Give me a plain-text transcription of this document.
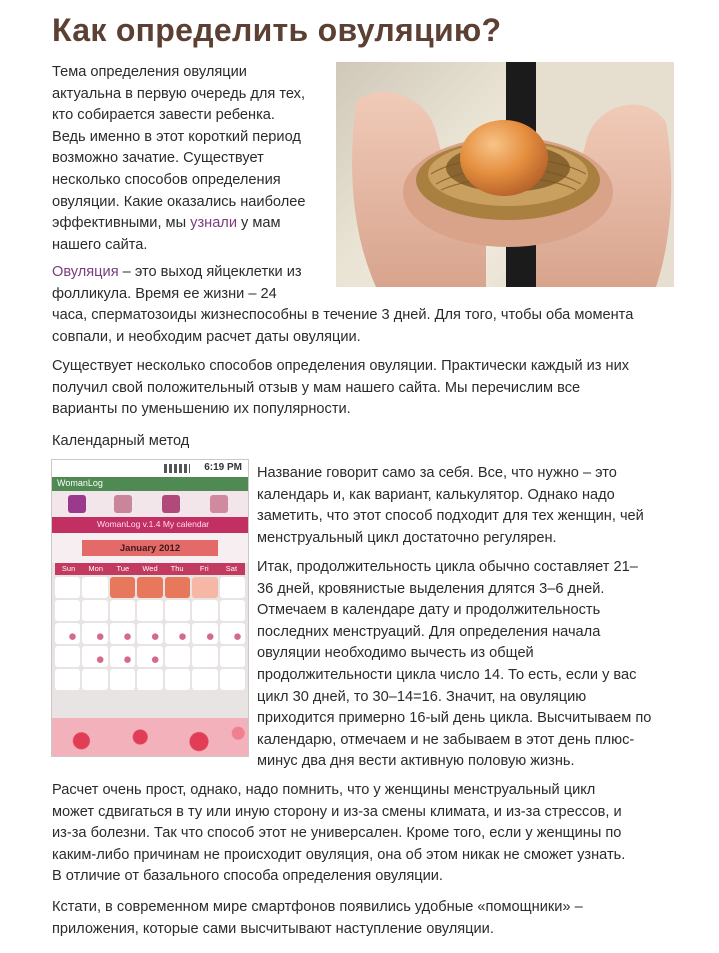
Как определить овуляцию?
Тема определения овуляции
актуальна в первую очередь для тех,
кто собирается завести ребенка.
Ведь именно в этот короткий период
возможно зачатие. Существует
несколько способов определения
овуляции. Какие оказались наиболее
эффективными, мы узнали у мам
нашего сайта.
Овуляция – это выход яйцеклетки из
фолликула. Время ее жизни – 24
часа, сперматозоиды жизнеспособны в течение 3 дней. Для того, чтобы оба момента
совпали, и необходим расчет даты овуляции.
Существует несколько способов определения овуляции. Практически каждый из них
получил свой положительный отзыв у мам нашего сайта. Мы перечислим все
варианты по уменьшению их популярности.
Календарный метод
6:19 PM
WomanLog
WomanLog v.1.4 My calendar
January 2012
Sun	Mon	Tue	Wed	Thu	Fri	Sat
Название говорит само за себя. Все, что нужно – это
календарь и, как вариант, калькулятор. Однако надо
заметить, что этот способ подходит для тех женщин, чей
менструальный цикл достаточно регулярен.
Итак, продолжительность цикла обычно составляет 21–
36 дней, кровянистые выделения длятся 3–6 дней.
Отмечаем в календаре дату и продолжительность
последних менструаций. Для определения начала
овуляции необходимо вычесть из общей
продолжительности цикла число 14. То есть, если у вас
цикл 30 дней, то 30–14=16. Значит, на овуляцию
приходится примерно 16-ый день цикла. Высчитываем по
календарю, отмечаем и не забываем в этот день плюс-
минус два дня вести активную половую жизнь.
Расчет очень прост, однако, надо помнить, что у женщины менструальный цикл
может сдвигаться в ту или иную сторону и из-за смены климата, и из-за стрессов, и
из-за болезни. Так что способ этот не универсален. Кроме того, если у женщины по
каким-либо причинам не происходит овуляция, она об этом никак не сможет узнать.
В отличие от базального способа определения овуляции.
Кстати, в современном мире смартфонов появились удобные «помощники» –
приложения, которые сами высчитывают наступление овуляции.
